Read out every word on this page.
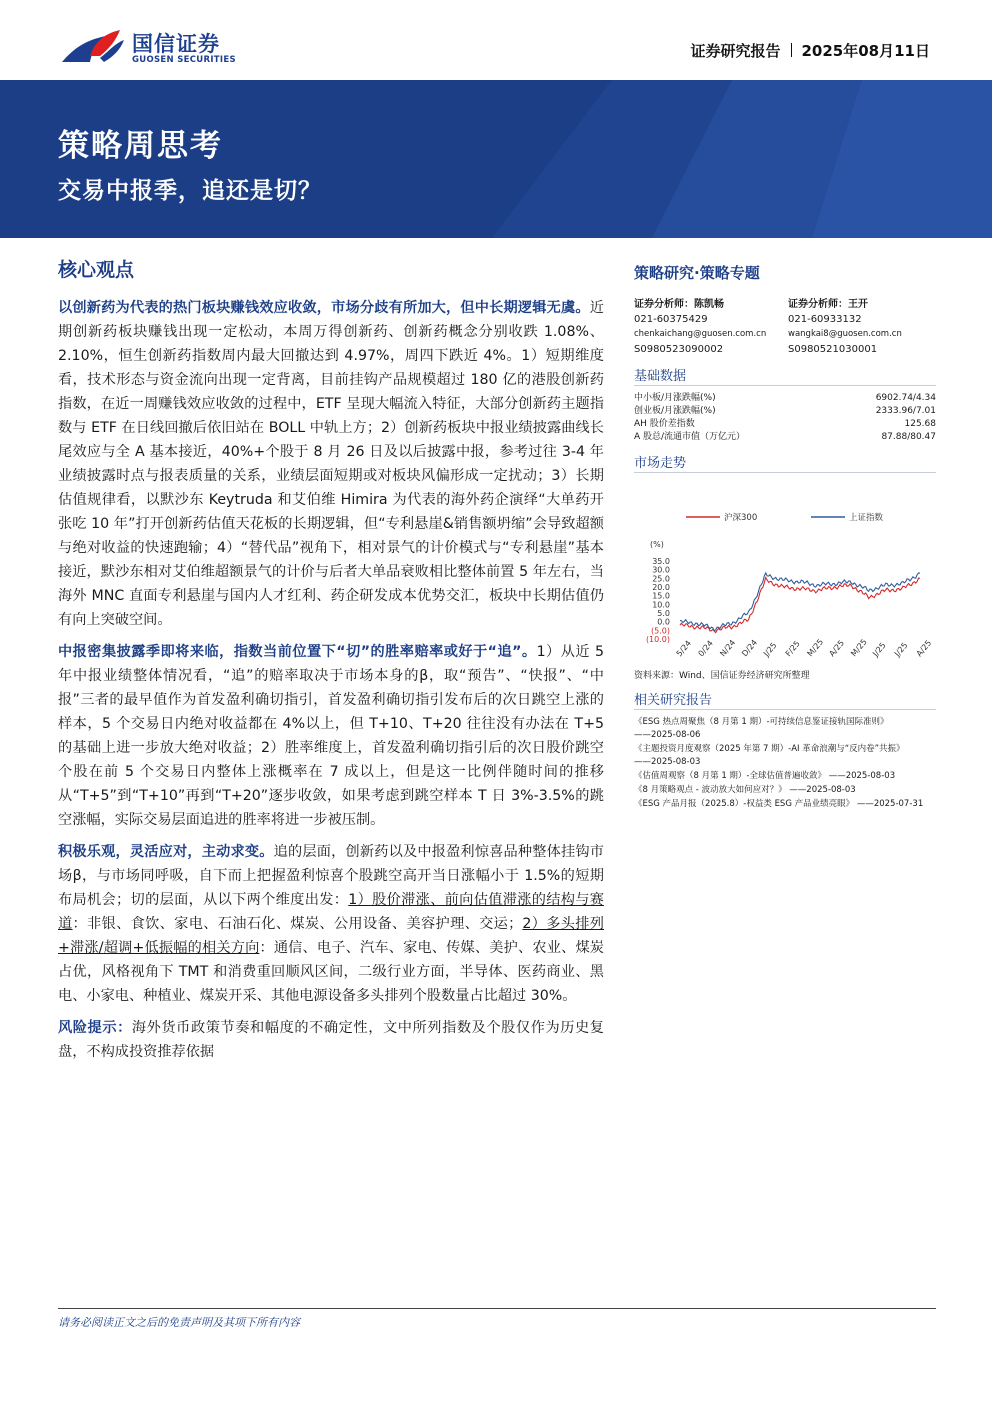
国信证券
GUOSEN SECURITIES	证券研究报告 2025年08月11日
策略周思考
交易中报季，追还是切？
核心观点

以创新药为代表的热门板块赚钱效应收敛，市场分歧有所加大，但中长期逻辑无虞。近期创新药板块赚钱出现一定松动，本周万得创新药、创新药概念分别收跌 1.08%、2.10%，恒生创新药指数周内最大回撤达到 4.97%，周四下跌近 4%。1）短期维度看，技术形态与资金流向出现一定背离，目前挂钩产品规模超过 180 亿的港股创新药指数，在近一周赚钱效应收敛的过程中，ETF 呈现大幅流入特征，大部分创新药主题指数与 ETF 在日线回撤后依旧站在 BOLL 中轨上方；2）创新药板块中报业绩披露曲线长尾效应与全 A 基本接近，40%+个股于 8 月 26 日及以后披露中报，参考过往 3-4 年业绩披露时点与报表质量的关系，业绩层面短期或对板块风偏形成一定扰动；3）长期估值规律看，以默沙东 Keytruda 和艾伯维 Himira 为代表的海外药企演绎“大单药开张吃 10 年”打开创新药估值天花板的长期逻辑，但“专利悬崖&销售额坍缩”会导致超额与绝对收益的快速跑输；4）“替代品”视角下，相对景气的计价模式与“专利悬崖”基本接近，默沙东相对艾伯维超额景气的计价与后者大单品衰败相比整体前置 5 年左右，当海外 MNC 直面专利悬崖与国内人才红利、药企研发成本优势交汇，板块中长期估值仍有向上突破空间。

中报密集披露季即将来临，指数当前位置下“切”的胜率赔率或好于“追”。1）从近 5 年中报业绩整体情况看，“追”的赔率取决于市场本身的β，取“预告”、“快报”、“中报”三者的最早值作为首发盈利确切指引，首发盈利确切指引发布后的次日跳空上涨的样本，5 个交易日内绝对收益都在 4%以上，但 T+10、T+20 往往没有办法在 T+5 的基础上进一步放大绝对收益；2）胜率维度上，首发盈利确切指引后的次日股价跳空个股在前 5 个交易日内整体上涨概率在 7 成以上，但是这一比例伴随时间的推移从“T+5”到“T+10”再到“T+20”逐步收敛，如果考虑到跳空样本 T 日 3%-3.5%的跳空涨幅，实际交易层面追进的胜率将进一步被压制。

积极乐观，灵活应对，主动求变。追的层面，创新药以及中报盈利惊喜品种整体挂钩市场β，与市场同呼吸，自下而上把握盈利惊喜个股跳空高开当日涨幅小于 1.5%的短期布局机会；切的层面，从以下两个维度出发：1）股价滞涨、前向估值滞涨的结构与赛道：非银、食饮、家电、石油石化、煤炭、公用设备、美容护理、交运；2）多头排列+滞涨/超调+低振幅的相关方向：通信、电子、汽车、家电、传媒、美护、农业、煤炭占优，风格视角下 TMT 和消费重回顺风区间，二级行业方面，半导体、医药商业、黑电、小家电、种植业、煤炭开采、其他电源设备多头排列个股数量占比超过 30%。

风险提示：海外货币政策节奏和幅度的不确定性，文中所列指数及个股仅作为历史复盘，不构成投资推荐依据

策略研究·策略专题
证券分析师：陈凯畅
021-60375429
chenkaichang@guosen.com.cn
S0980523090002
证券分析师：王开
021-60933132
wangkai8@guosen.com.cn
S0980521030001
基础数据
中小板/月涨跌幅(%)	6902.74/4.34
创业板/月涨跌幅(%)	2333.96/7.01
AH 股价差指数	125.68
A 股总/流通市值（万亿元）	87.88/80.47
市场走势
沪深300	上证指数
(%)
35.0
30.0
25.0
20.0
15.0
10.0
5.0
0.0
(5.0)
(10.0) 5/24 0/24 N/24 D/24 J/25 F/25 M/25 A/25 M/25 J/25 J/25 A/25
资料来源：Wind、国信证券经济研究所整理
相关研究报告
《ESG 热点周聚焦（8 月第 1 期）-可持续信息鉴证接轨国际准则》 ——2025-08-06
《主题投资月度观察（2025 年第 7 期）-AI 革命浪潮与“反内卷”共振》 ——2025-08-03
《估值周观察（8 月第 1 期）-全球估值普遍收敛》 ——2025-08-03
《8 月策略观点 - 波动放大如何应对？》 ——2025-08-03
《ESG 产品月报（2025.8）-权益类 ESG 产品业绩亮眼》 ——2025-07-31
请务必阅读正文之后的免责声明及其项下所有内容
